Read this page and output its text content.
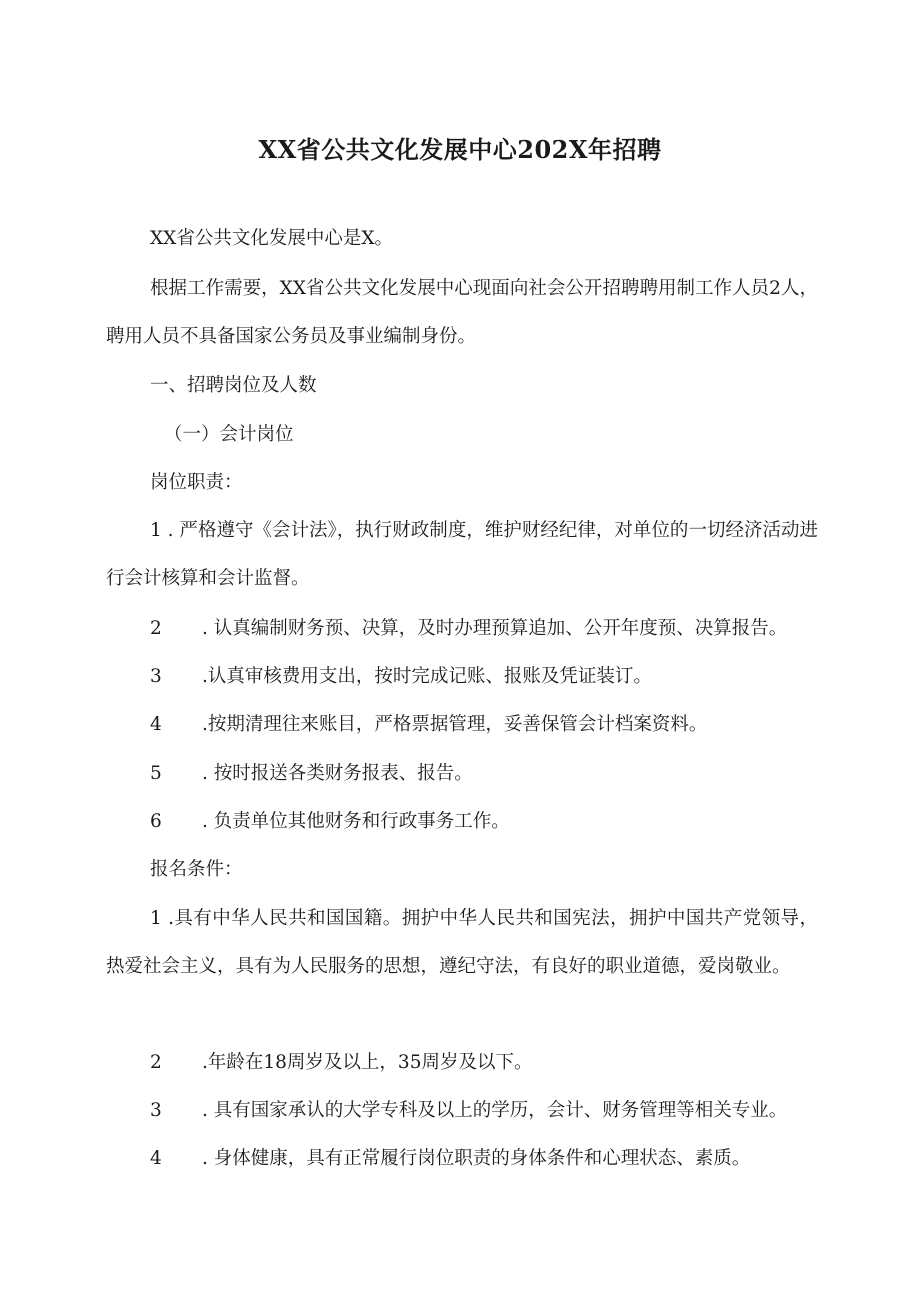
XX省公共文化发展中心202X年招聘
XX省公共文化发展中心是X。
根据工作需要，XX省公共文化发展中心现面向社会公开招聘聘用制工作人员2人，聘用人员不具备国家公务员及事业编制身份。
一、招聘岗位及人数
（一）会计岗位
岗位职责：
1 . 严格遵守《会计法》，执行财政制度，维护财经纪律，对单位的一切经济活动进行会计核算和会计监督。
2 . 认真编制财务预、决算，及时办理预算追加、公开年度预、决算报告。
3 .认真审核费用支出，按时完成记账、报账及凭证装订。
4 .按期清理往来账目，严格票据管理，妥善保管会计档案资料。
5 . 按时报送各类财务报表、报告。
6 . 负责单位其他财务和行政事务工作。
报名条件：
1 .具有中华人民共和国国籍。拥护中华人民共和国宪法，拥护中国共产党领导，热爱社会主义，具有为人民服务的思想，遵纪守法，有良好的职业道德，爱岗敬业。
2 .年龄在18周岁及以上，35周岁及以下。
3 . 具有国家承认的大学专科及以上的学历，会计、财务管理等相关专业。
4 . 身体健康，具有正常履行岗位职责的身体条件和心理状态、素质。
